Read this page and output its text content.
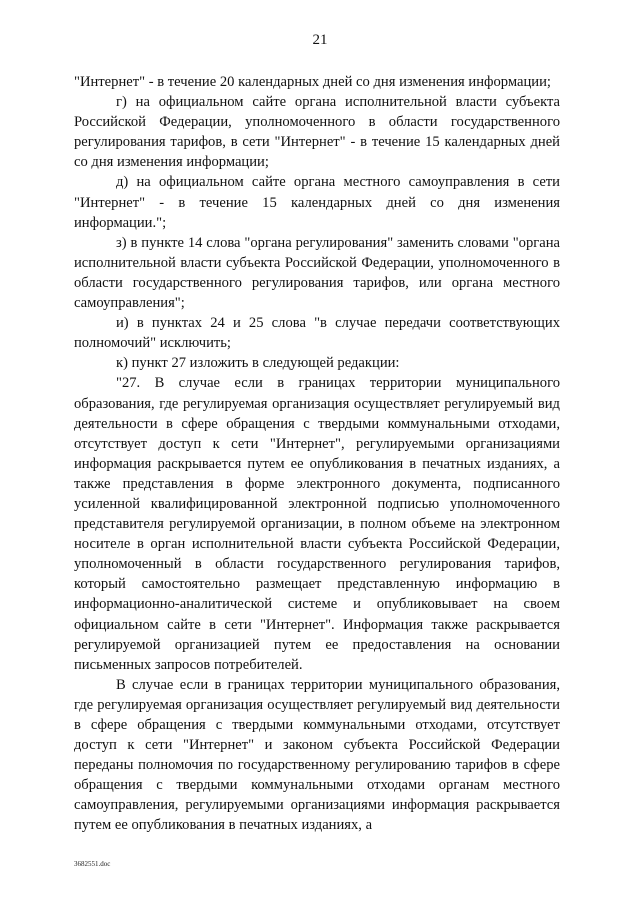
21

"Интернет" - в течение 20 календарных дней со дня изменения информации;

г) на официальном сайте органа исполнительной власти субъекта Российской Федерации, уполномоченного в области государственного регулирования тарифов, в сети "Интернет" - в течение 15 календарных дней со дня изменения информации;

д) на официальном сайте органа местного самоуправления в сети "Интернет" - в течение 15 календарных дней со дня изменения информации.";

з) в пункте 14 слова "органа регулирования" заменить словами "органа исполнительной власти субъекта Российской Федерации, уполномоченного в области государственного регулирования тарифов, или органа местного самоуправления";

и) в пунктах 24 и 25 слова "в случае передачи соответствующих полномочий" исключить;

к) пункт 27 изложить в следующей редакции:

"27. В случае если в границах территории муниципального образования, где регулируемая организация осуществляет регулируемый вид деятельности в сфере обращения с твердыми коммунальными отходами, отсутствует доступ к сети "Интернет", регулируемыми организациями информация раскрывается путем ее опубликования в печатных изданиях, а также представления в форме электронного документа, подписанного усиленной квалифицированной электронной подписью уполномоченного представителя регулируемой организации, в полном объеме на электронном носителе в орган исполнительной власти субъекта Российской Федерации, уполномоченный в области государственного регулирования тарифов, который самостоятельно размещает представленную информацию в информационно-аналитической системе и опубликовывает на своем официальном сайте в сети "Интернет". Информация также раскрывается регулируемой организацией путем ее предоставления на основании письменных запросов потребителей.

В случае если в границах территории муниципального образования, где регулируемая организация осуществляет регулируемый вид деятельности в сфере обращения с твердыми коммунальными отходами, отсутствует доступ к сети "Интернет" и законом субъекта Российской Федерации переданы полномочия по государственному регулированию тарифов в сфере обращения с твердыми коммунальными отходами органам местного самоуправления, регулируемыми организациями информация раскрывается путем ее опубликования в печатных изданиях, а

3682551.doc
